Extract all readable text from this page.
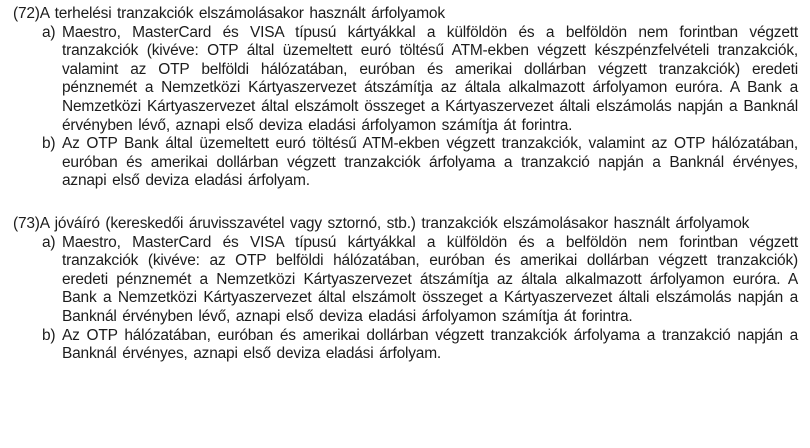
(72)A terhelési tranzakciók elszámolásakor használt árfolyamok

a) Maestro, MasterCard és VISA típusú kártyákkal a külföldön és a belföldön nem forintban végzett tranzakciók (kivéve: OTP által üzemeltett euró töltésű ATM-ekben végzett készpénzfelvételi tranzakciók, valamint az OTP belföldi hálózatában, euróban és amerikai dollárban végzett tranzakciók) eredeti pénznemét a Nemzetközi Kártyaszervezet átszámítja az általa alkalmazott árfolyamon euróra. A Bank a Nemzetközi Kártyaszervezet által elszámolt összeget a Kártyaszervezet általi elszámolás napján a Banknál érvényben lévő, aznapi első deviza eladási árfolyamon számítja át forintra.
b) Az OTP Bank által üzemeltett euró töltésű ATM-ekben végzett tranzakciók, valamint az OTP hálózatában, euróban és amerikai dollárban végzett tranzakciók árfolyama a tranzakció napján a Banknál érvényes, aznapi első deviza eladási árfolyam.

(73)A jóváíró (kereskedői áruvisszavétel vagy sztornó, stb.) tranzakciók elszámolásakor használt árfolyamok

a) Maestro, MasterCard és VISA típusú kártyákkal a külföldön és a belföldön nem forintban végzett tranzakciók (kivéve: az OTP belföldi hálózatában, euróban és amerikai dollárban végzett tranzakciók) eredeti pénznemét a Nemzetközi Kártyaszervezet átszámítja az általa alkalmazott árfolyamon euróra. A Bank a Nemzetközi Kártyaszervezet által elszámolt összeget a Kártyaszervezet általi elszámolás napján a Banknál érvényben lévő, aznapi első deviza eladási árfolyamon számítja át forintra.
b) Az OTP hálózatában, euróban és amerikai dollárban végzett tranzakciók árfolyama a tranzakció napján a Banknál érvényes, aznapi első deviza eladási árfolyam.
